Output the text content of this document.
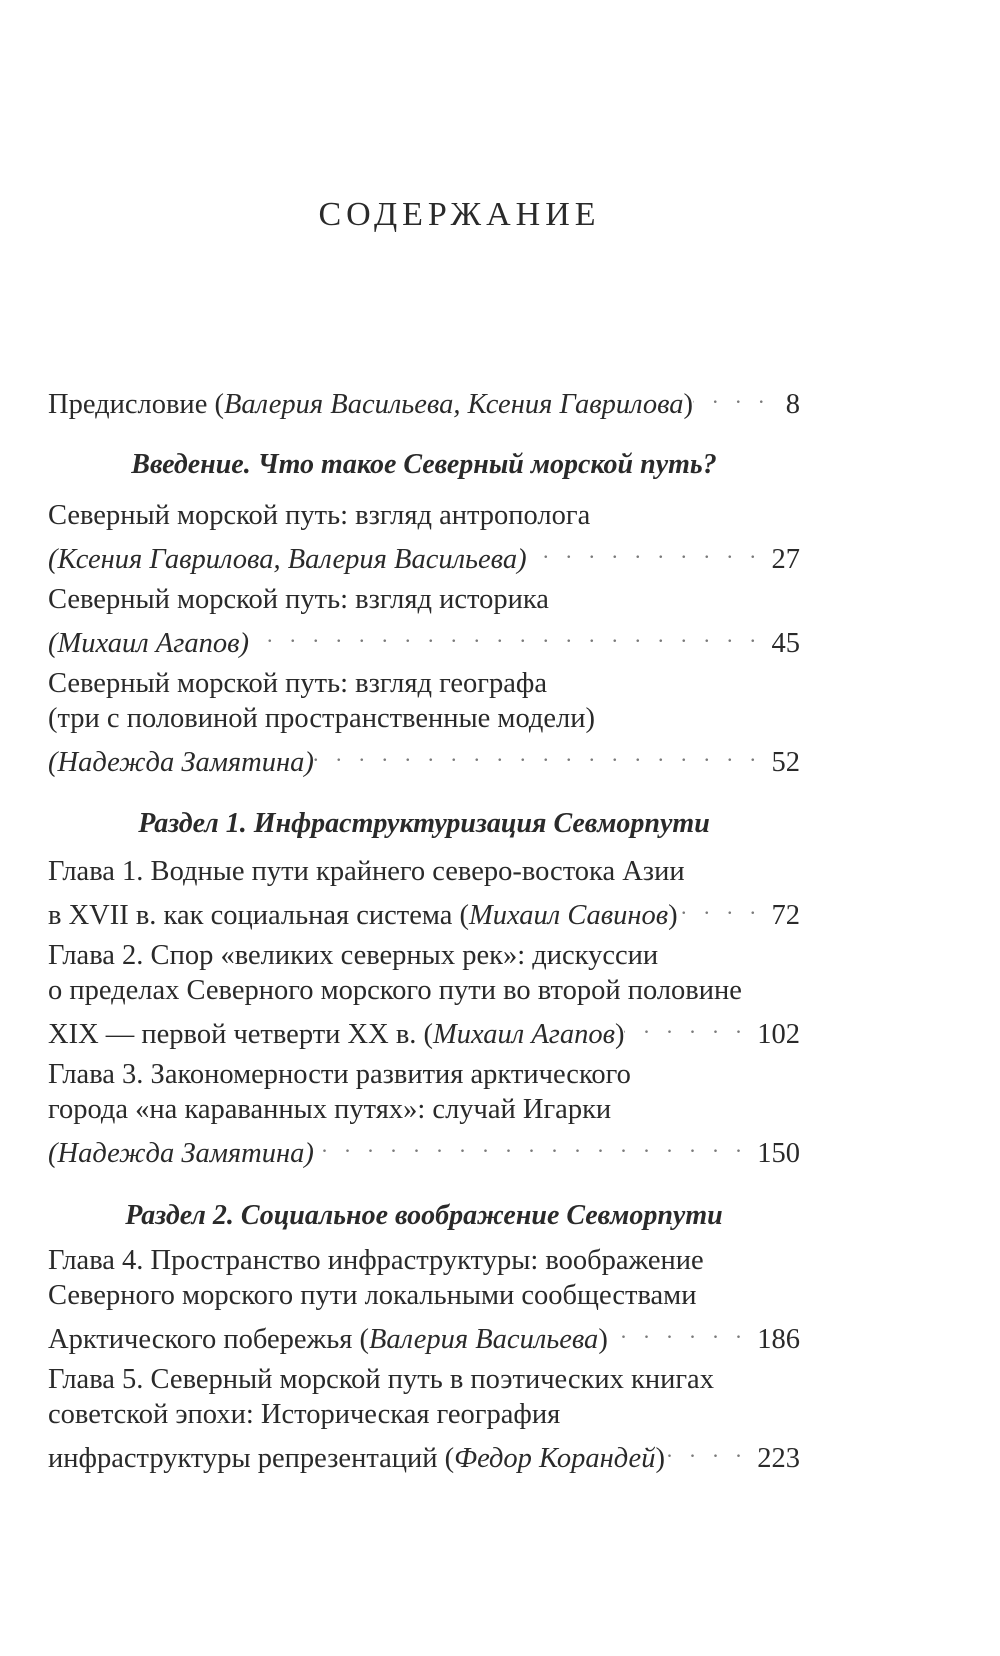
СОДЕРЖАНИЕ
Предисловие (Валерия Васильева, Ксения Гаврилова) . . .	8
Введение. Что такое Северный морской путь?
Северный морской путь: взгляд антрополога
(Ксения Гаврилова, Валерия Васильева) . . .	27
Северный морской путь: взгляд историка
(Михаил Агапов) . . .	45
Северный морской путь: взгляд географа
(три с половиной пространственные модели)
(Надежда Замятина) . . .	52
Раздел 1. Инфраструктуризация Севморпути
Глава 1. Водные пути крайнего северо-востока Азии
в XVII в. как социальная система (Михаил Савинов) . . .	72
Глава 2. Спор «великих северных рек»: дискуссии
о пределах Северного морского пути во второй половине
XIX — первой четверти XX в. (Михаил Агапов) . . .	102
Глава 3. Закономерности развития арктического
города «на караванных путях»: случай Игарки
(Надежда Замятина) . . .	150
Раздел 2. Социальное воображение Севморпути
Глава 4. Пространство инфраструктуры: воображение
Северного морского пути локальными сообществами
Арктического побережья (Валерия Васильева) . . .	186
Глава 5. Северный морской путь в поэтических книгах
советской эпохи: Историческая география
инфраструктуры репрезентаций (Федор Корандей) . . .	223
